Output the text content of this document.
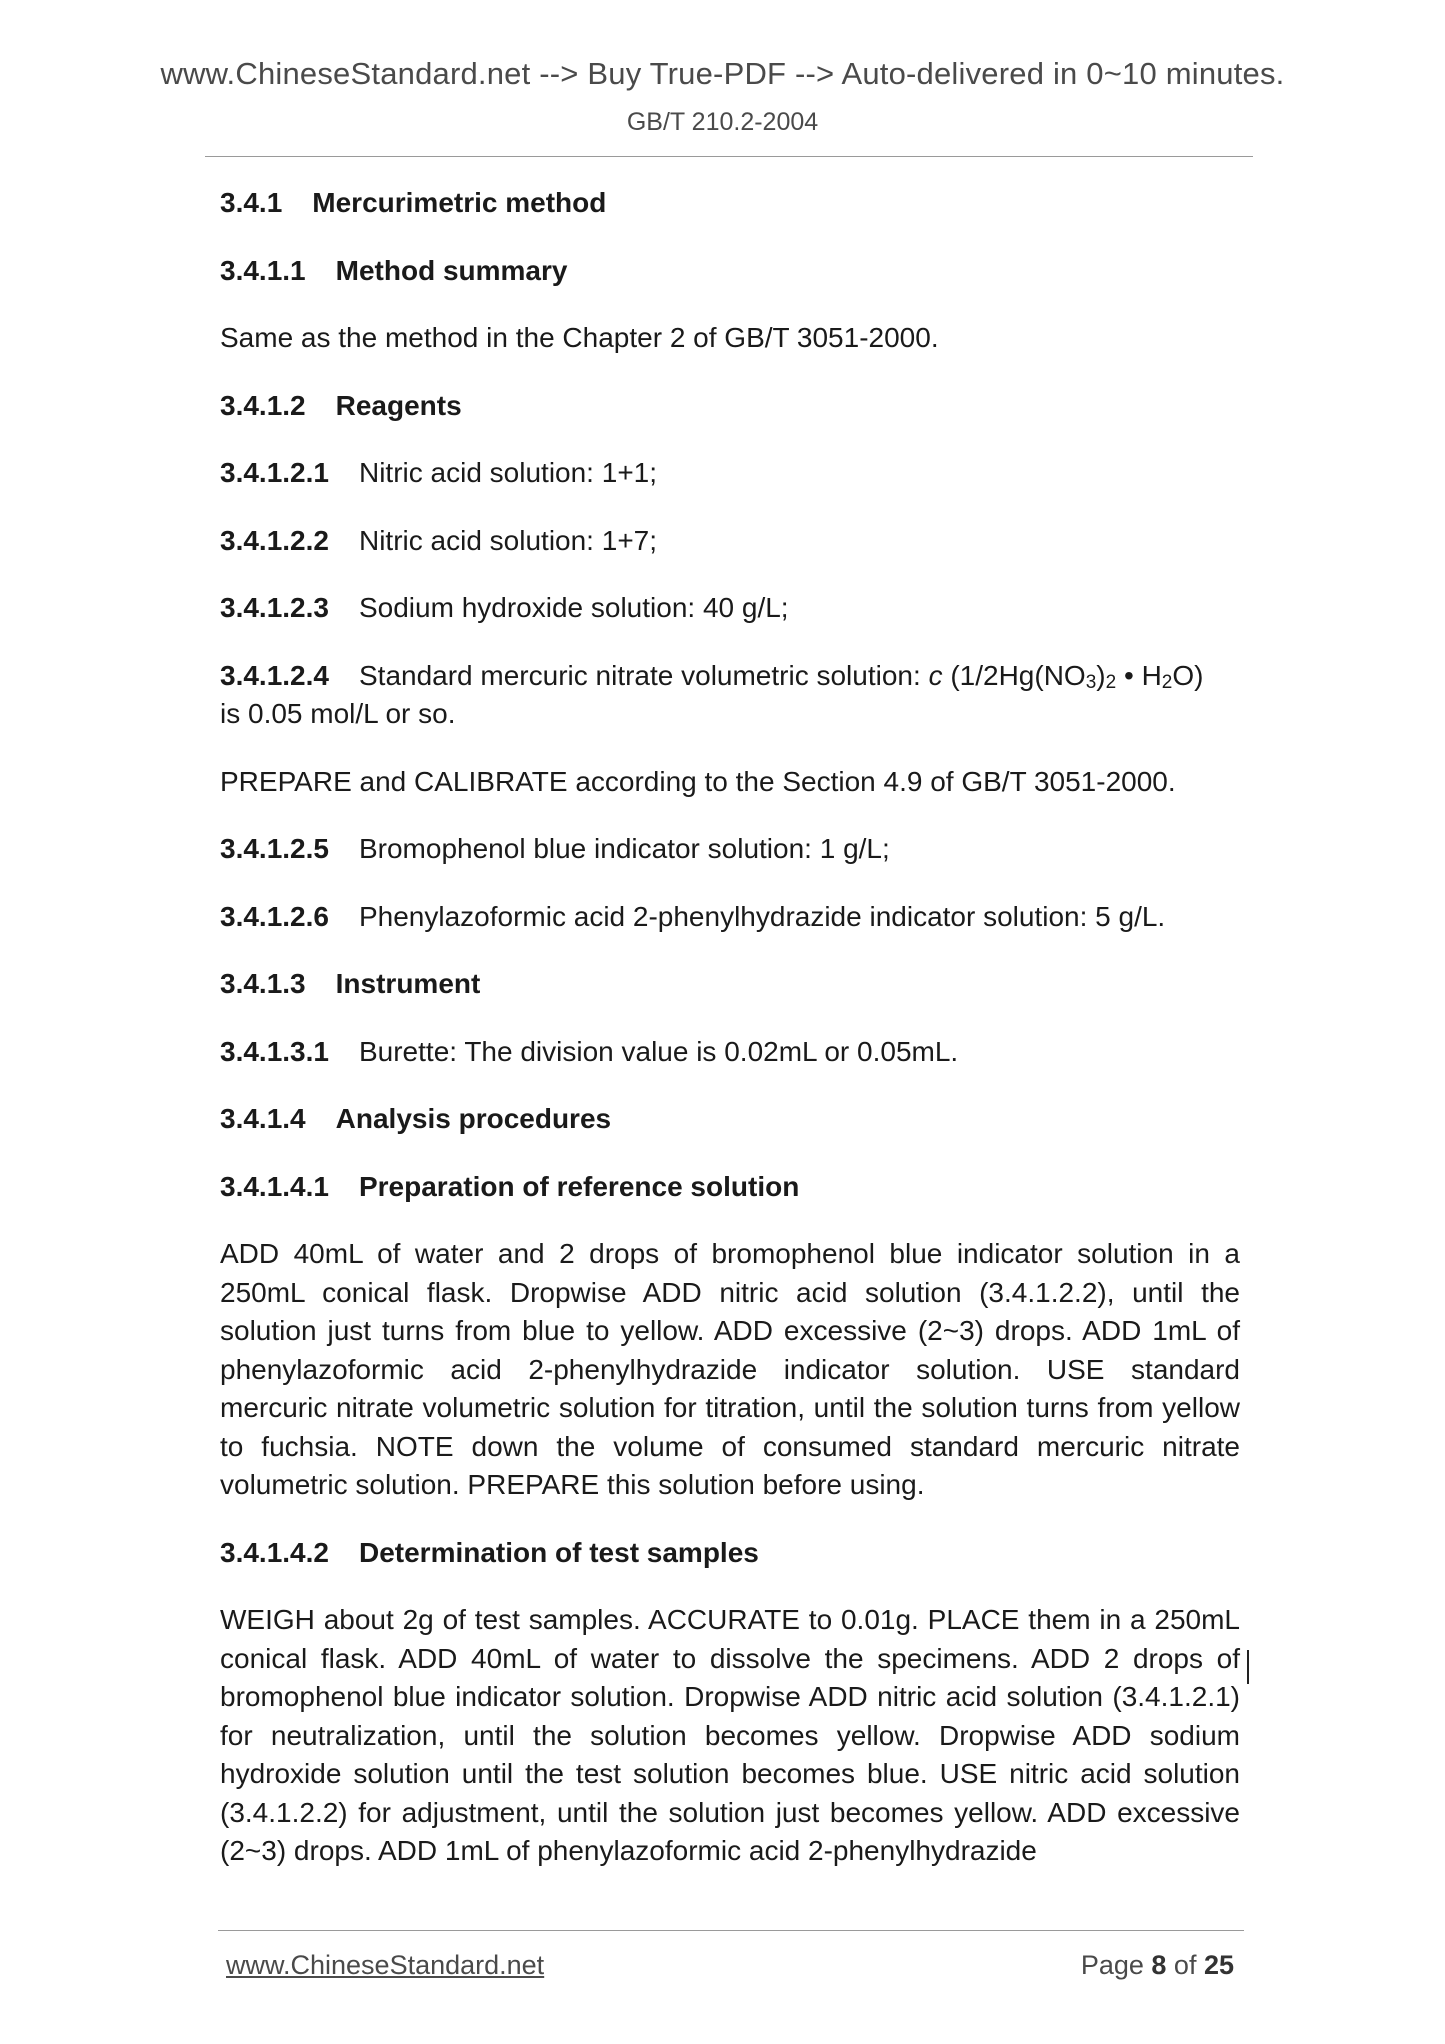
www.ChineseStandard.net --> Buy True-PDF --> Auto-delivered in 0~10 minutes.
GB/T 210.2-2004

3.4.1 Mercurimetric method

3.4.1.1 Method summary

Same as the method in the Chapter 2 of GB/T 3051-2000.

3.4.1.2 Reagents

3.4.1.2.1 Nitric acid solution: 1+1;

3.4.1.2.2 Nitric acid solution: 1+7;

3.4.1.2.3 Sodium hydroxide solution: 40 g/L;

3.4.1.2.4 Standard mercuric nitrate volumetric solution: c ($1/2Hg(NO_3)_2$ • $H_2O$)
is 0.05 mol/L or so.

PREPARE and CALIBRATE according to the Section 4.9 of GB/T 3051-2000.

3.4.1.2.5 Bromophenol blue indicator solution: 1 g/L;

3.4.1.2.6 Phenylazoformic acid 2-phenylhydrazide indicator solution: 5 g/L.

3.4.1.3 Instrument

3.4.1.3.1 Burette: The division value is 0.02mL or 0.05mL.

3.4.1.4 Analysis procedures

3.4.1.4.1 Preparation of reference solution

ADD 40mL of water and 2 drops of bromophenol blue indicator solution in a 250mL conical flask. Dropwise ADD nitric acid solution (3.4.1.2.2), until the solution just turns from blue to yellow. ADD excessive (2~3) drops. ADD 1mL of phenylazoformic acid 2-phenylhydrazide indicator solution. USE standard mercuric nitrate volumetric solution for titration, until the solution turns from yellow to fuchsia. NOTE down the volume of consumed standard mercuric nitrate volumetric solution. PREPARE this solution before using.

3.4.1.4.2 Determination of test samples

WEIGH about 2g of test samples. ACCURATE to 0.01g. PLACE them in a 250mL conical flask. ADD 40mL of water to dissolve the specimens. ADD 2 drops of bromophenol blue indicator solution. Dropwise ADD nitric acid solution (3.4.1.2.1) for neutralization, until the solution becomes yellow. Dropwise ADD sodium hydroxide solution until the test solution becomes blue. USE nitric acid solution (3.4.1.2.2) for adjustment, until the solution just becomes yellow. ADD excessive (2~3) drops. ADD 1mL of phenylazoformic acid 2-phenylhydrazide

www.ChineseStandard.net	Page 8 of 25
